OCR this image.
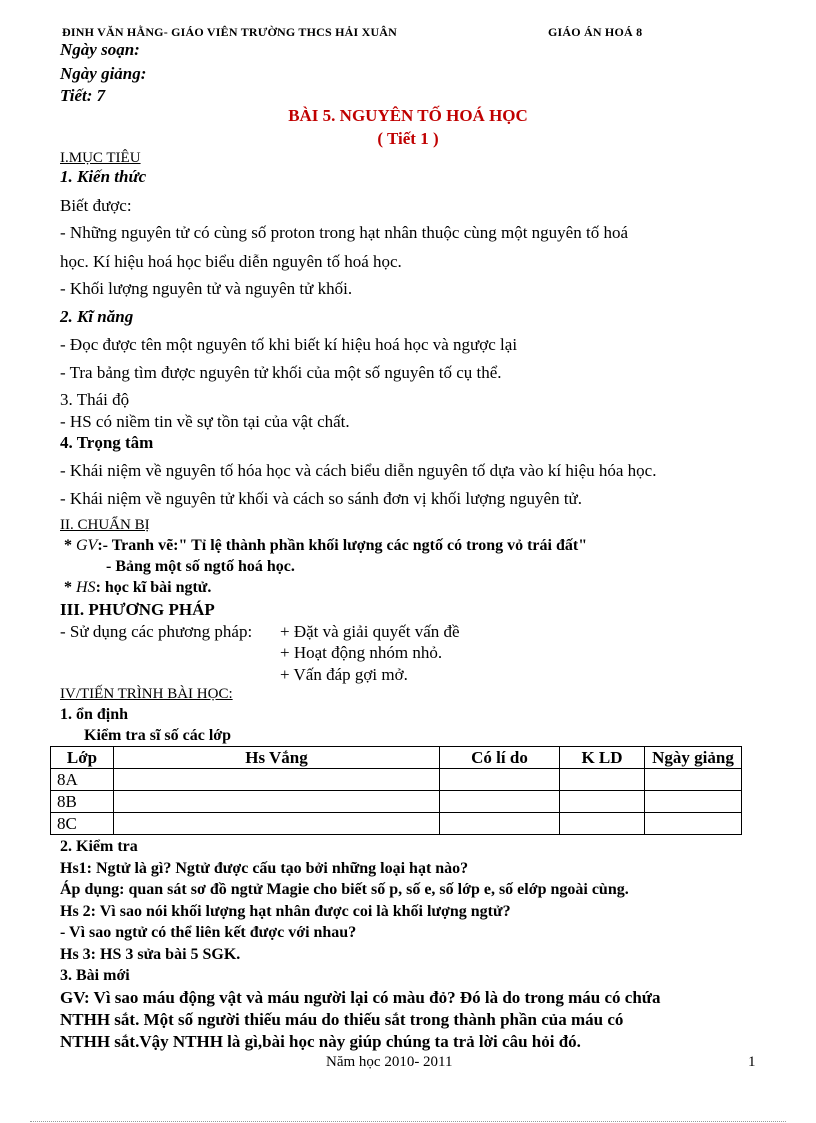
ĐINH VĂN HẰNG- GIÁO VIÊN TRƯỜNG THCS HẢI XUÂN	GIÁO ÁN HOÁ 8
Ngày soạn:
Ngày giảng:
Tiết: 7
BÀI 5. NGUYÊN TỐ HOÁ HỌC
( Tiết 1 )
I.MỤC TIÊU
1. Kiến thức
Biết được:
- Những nguyên tử có cùng số proton trong hạt nhân thuộc cùng một nguyên tố hoá
học. Kí hiệu hoá học biểu diễn nguyên tố hoá học.
- Khối lượng nguyên tử và nguyên tử khối.
2. Kĩ năng
- Đọc được tên một nguyên tố khi biết kí hiệu hoá học và ngược lại
- Tra bảng tìm được nguyên tử khối của một số nguyên tố cụ thể.
3. Thái độ
- HS có niềm tin về sự tồn tại của vật chất.
4. Trọng tâm
- Khái niệm về nguyên tố hóa học và cách biểu diễn nguyên tố dựa vào kí hiệu hóa học.
- Khái niệm về nguyên tử khối và cách so sánh đơn vị khối lượng nguyên tử.
II. CHUẨN BỊ
* GV:- Tranh vẽ:" Tỉ lệ thành phần khối lượng các ngtố có trong vỏ trái đất"
- Bảng một số ngtố hoá học.
* HS: học kĩ bài ngtử.
III. PHƯƠNG PHÁP
- Sử dụng các phương pháp: + Đặt và giải quyết vấn đề
+ Hoạt động nhóm nhỏ.
+ Vấn đáp gợi mở.
IV/TIẾN TRÌNH BÀI HỌC:
1. ổn định
Kiểm tra sĩ số các lớp
Lớp	Hs Vắng	Có lí do	K LD	Ngày giảng
8A				
8B				
8C				
2. Kiểm tra
Hs1: Ngtử là gì? Ngtử được cấu tạo bởi những loại hạt nào?
Áp dụng: quan sát sơ đồ ngtử Magie cho biết số p, số e, số lớp e, số elớp ngoài cùng.
Hs 2: Vì sao nói khối lượng hạt nhân được coi là khối lượng ngtử?
- Vì sao ngtử có thể liên kết được với nhau?
Hs 3: HS 3 sửa bài 5 SGK.
3. Bài mới
GV: Vì sao máu động vật và máu người lại có màu đỏ? Đó là do trong máu có chứa
NTHH sắt. Một số người thiếu máu do thiếu sắt trong thành phần của máu có
NTHH sắt.Vậy NTHH là gì,bài học này giúp chúng ta trả lời câu hỏi đó.
Năm học 2010- 2011	1
